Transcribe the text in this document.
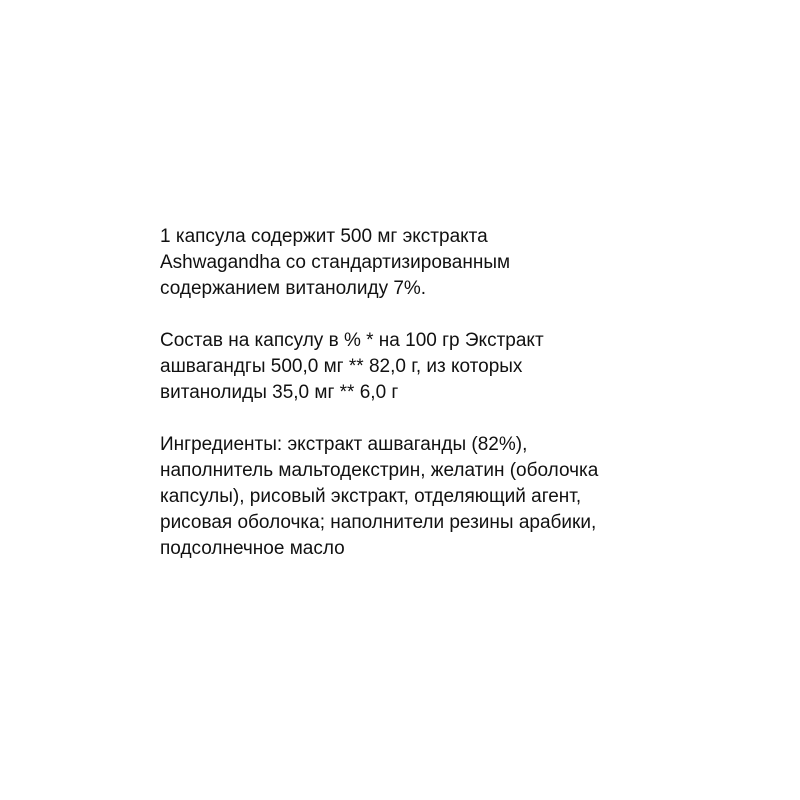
1 капсула содержит 500 мг экстракта
Ashwagandha со стандартизированным
содержанием витанолиду 7%.

Состав на капсулу в % * на 100 гр Экстракт
ашвагандгы 500,0 мг ** 82,0 г, из которых
витанолиды 35,0 мг ** 6,0 г

Ингредиенты: экстракт ашваганды (82%),
наполнитель мальтодекстрин, желатин (оболочка
капсулы), рисовый экстракт, отделяющий агент,
рисовая оболочка; наполнители резины арабики,
подсолнечное масло
